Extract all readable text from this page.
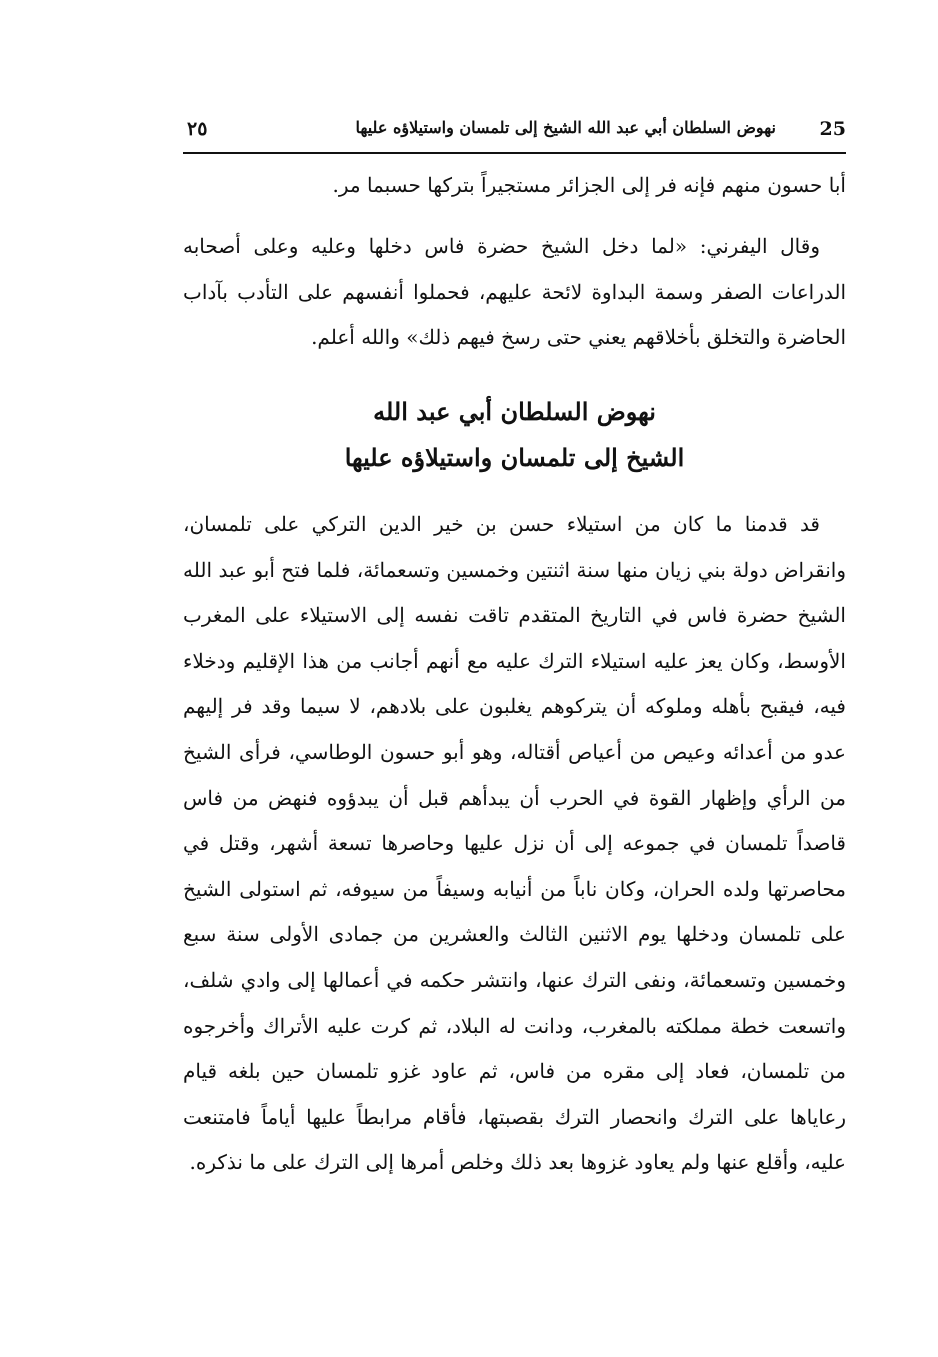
25
نهوض السلطان أبي عبد الله الشيخ إلى تلمسان واستيلاؤه عليها
٢٥
أبا حسون منهم فإنه فر إلى الجزائر مستجيراً بتركها حسبما مر.
وقال اليفرني: «لما دخل الشيخ حضرة فاس دخلها وعليه وعلى أصحابه الدراعات الصفر وسمة البداوة لائحة عليهم، فحملوا أنفسهم على التأدب بآداب الحاضرة والتخلق بأخلاقهم يعني حتى رسخ فيهم ذلك» والله أعلم.
نهوض السلطان أبي عبد الله
الشيخ إلى تلمسان واستيلاؤه عليها
قد قدمنا ما كان من استيلاء حسن بن خير الدين التركي على تلمسان، وانقراض دولة بني زيان منها سنة اثنتين وخمسين وتسعمائة، فلما فتح أبو عبد الله الشيخ حضرة فاس في التاريخ المتقدم تاقت نفسه إلى الاستيلاء على المغرب الأوسط، وكان يعز عليه استيلاء الترك عليه مع أنهم أجانب من هذا الإقليم ودخلاء فيه، فيقبح بأهله وملوكه أن يتركوهم يغلبون على بلادهم، لا سيما وقد فر إليهم عدو من أعدائه وعيص من أعياص أقتاله، وهو أبو حسون الوطاسي، فرأى الشيخ من الرأي وإظهار القوة في الحرب أن يبدأهم قبل أن يبدؤوه فنهض من فاس قاصداً تلمسان في جموعه إلى أن نزل عليها وحاصرها تسعة أشهر، وقتل في محاصرتها ولده الحران، وكان ناباً من أنيابه وسيفاً من سيوفه، ثم استولى الشيخ على تلمسان ودخلها يوم الاثنين الثالث والعشرين من جمادى الأولى سنة سبع وخمسين وتسعمائة، ونفى الترك عنها، وانتشر حكمه في أعمالها إلى وادي شلف، واتسعت خطة مملكته بالمغرب، ودانت له البلاد، ثم كرت عليه الأتراك وأخرجوه من تلمسان، فعاد إلى مقره من فاس، ثم عاود غزو تلمسان حين بلغه قيام رعاياها على الترك وانحصار الترك بقصبتها، فأقام مرابطاً عليها أياماً فامتنعت عليه، وأقلع عنها ولم يعاود غزوها بعد ذلك وخلص أمرها إلى الترك على ما نذكره.
